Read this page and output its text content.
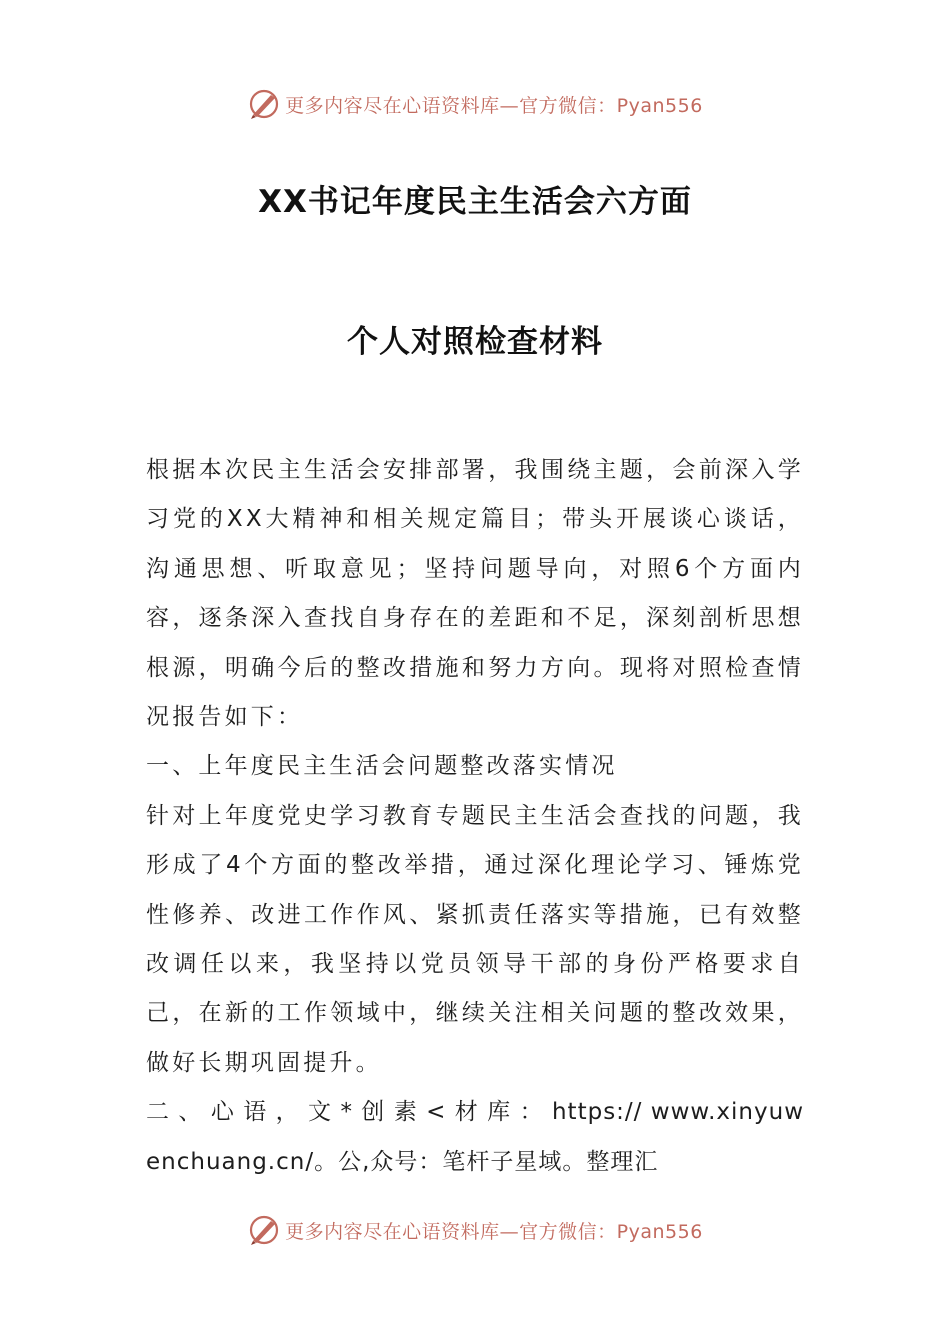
更多内容尽在心语资料库—官方微信：Pyan556
XX书记年度民主生活会六方面
个人对照检查材料

根据本次民主生活会安排部署，我围绕主题，会前深入学习党的XX大精神和相关规定篇目；带头开展谈心谈话，沟通思想、听取意见；坚持问题导向，对照6个方面内容，逐条深入查找自身存在的差距和不足，深刻剖析思想根源，明确今后的整改措施和努力方向。现将对照检查情况报告如下：

一、上年度民主生活会问题整改落实情况

针对上年度党史学习教育专题民主生活会查找的问题，我形成了4个方面的整改举措，通过深化理论学习、锤炼党性修养、改进工作作风、紧抓责任落实等措施，已有效整改调任以来，我坚持以党员领导干部的身份严格要求自己，在新的工作领域中，继续关注相关问题的整改效果，做好长期巩固提升。

二 、 心 语 ， 文 * 创 素 < 材 库 ： https:// www.xinyuwenchuang.cn/。公,众号：笔杆子星域。整理汇

更多内容尽在心语资料库—官方微信：Pyan556
